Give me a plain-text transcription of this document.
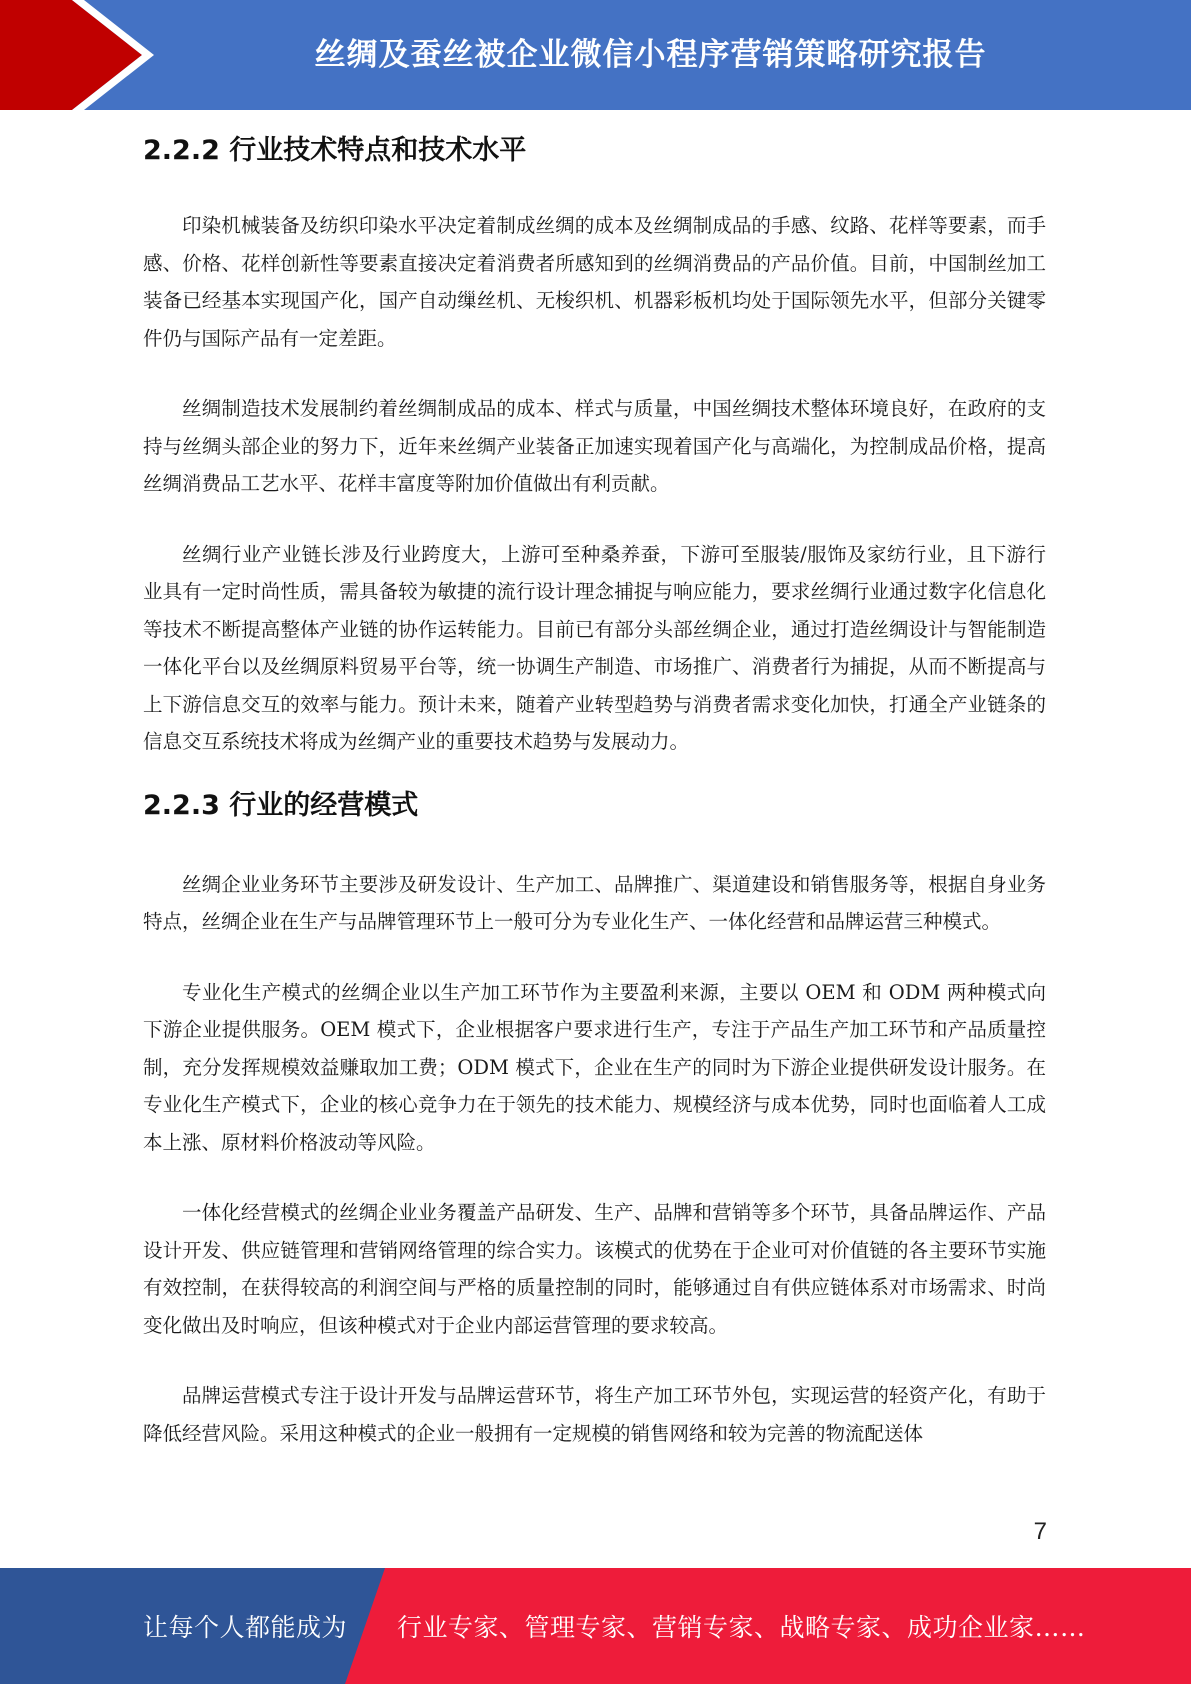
丝绸及蚕丝被企业微信小程序营销策略研究报告
2.2.2 行业技术特点和技术水平

印染机械装备及纺织印染水平决定着制成丝绸的成本及丝绸制成品的手感、纹路、花样等要素，而手感、价格、花样创新性等要素直接决定着消费者所感知到的丝绸消费品的产品价值。目前，中国制丝加工装备已经基本实现国产化，国产自动缫丝机、无梭织机、机器彩板机均处于国际领先水平，但部分关键零件仍与国际产品有一定差距。

丝绸制造技术发展制约着丝绸制成品的成本、样式与质量，中国丝绸技术整体环境良好，在政府的支持与丝绸头部企业的努力下，近年来丝绸产业装备正加速实现着国产化与高端化，为控制成品价格，提高丝绸消费品工艺水平、花样丰富度等附加价值做出有利贡献。

丝绸行业产业链长涉及行业跨度大，上游可至种桑养蚕，下游可至服装/服饰及家纺行业，且下游行业具有一定时尚性质，需具备较为敏捷的流行设计理念捕捉与响应能力，要求丝绸行业通过数字化信息化等技术不断提高整体产业链的协作运转能力。目前已有部分头部丝绸企业，通过打造丝绸设计与智能制造一体化平台以及丝绸原料贸易平台等，统一协调生产制造、市场推广、消费者行为捕捉，从而不断提高与上下游信息交互的效率与能力。预计未来，随着产业转型趋势与消费者需求变化加快，打通全产业链条的信息交互系统技术将成为丝绸产业的重要技术趋势与发展动力。

2.2.3 行业的经营模式

丝绸企业业务环节主要涉及研发设计、生产加工、品牌推广、渠道建设和销售服务等，根据自身业务特点，丝绸企业在生产与品牌管理环节上一般可分为专业化生产、一体化经营和品牌运营三种模式。

专业化生产模式的丝绸企业以生产加工环节作为主要盈利来源，主要以 OEM 和 ODM 两种模式向下游企业提供服务。OEM 模式下，企业根据客户要求进行生产，专注于产品生产加工环节和产品质量控制，充分发挥规模效益赚取加工费；ODM 模式下，企业在生产的同时为下游企业提供研发设计服务。在专业化生产模式下，企业的核心竞争力在于领先的技术能力、规模经济与成本优势，同时也面临着人工成本上涨、原材料价格波动等风险。

一体化经营模式的丝绸企业业务覆盖产品研发、生产、品牌和营销等多个环节，具备品牌运作、产品设计开发、供应链管理和营销网络管理的综合实力。该模式的优势在于企业可对价值链的各主要环节实施有效控制，在获得较高的利润空间与严格的质量控制的同时，能够通过自有供应链体系对市场需求、时尚变化做出及时响应，但该种模式对于企业内部运营管理的要求较高。

品牌运营模式专注于设计开发与品牌运营环节，将生产加工环节外包，实现运营的轻资产化，有助于降低经营风险。采用这种模式的企业一般拥有一定规模的销售网络和较为完善的物流配送体

7
让每个人都能成为 行业专家、管理专家、营销专家、战略专家、成功企业家……
